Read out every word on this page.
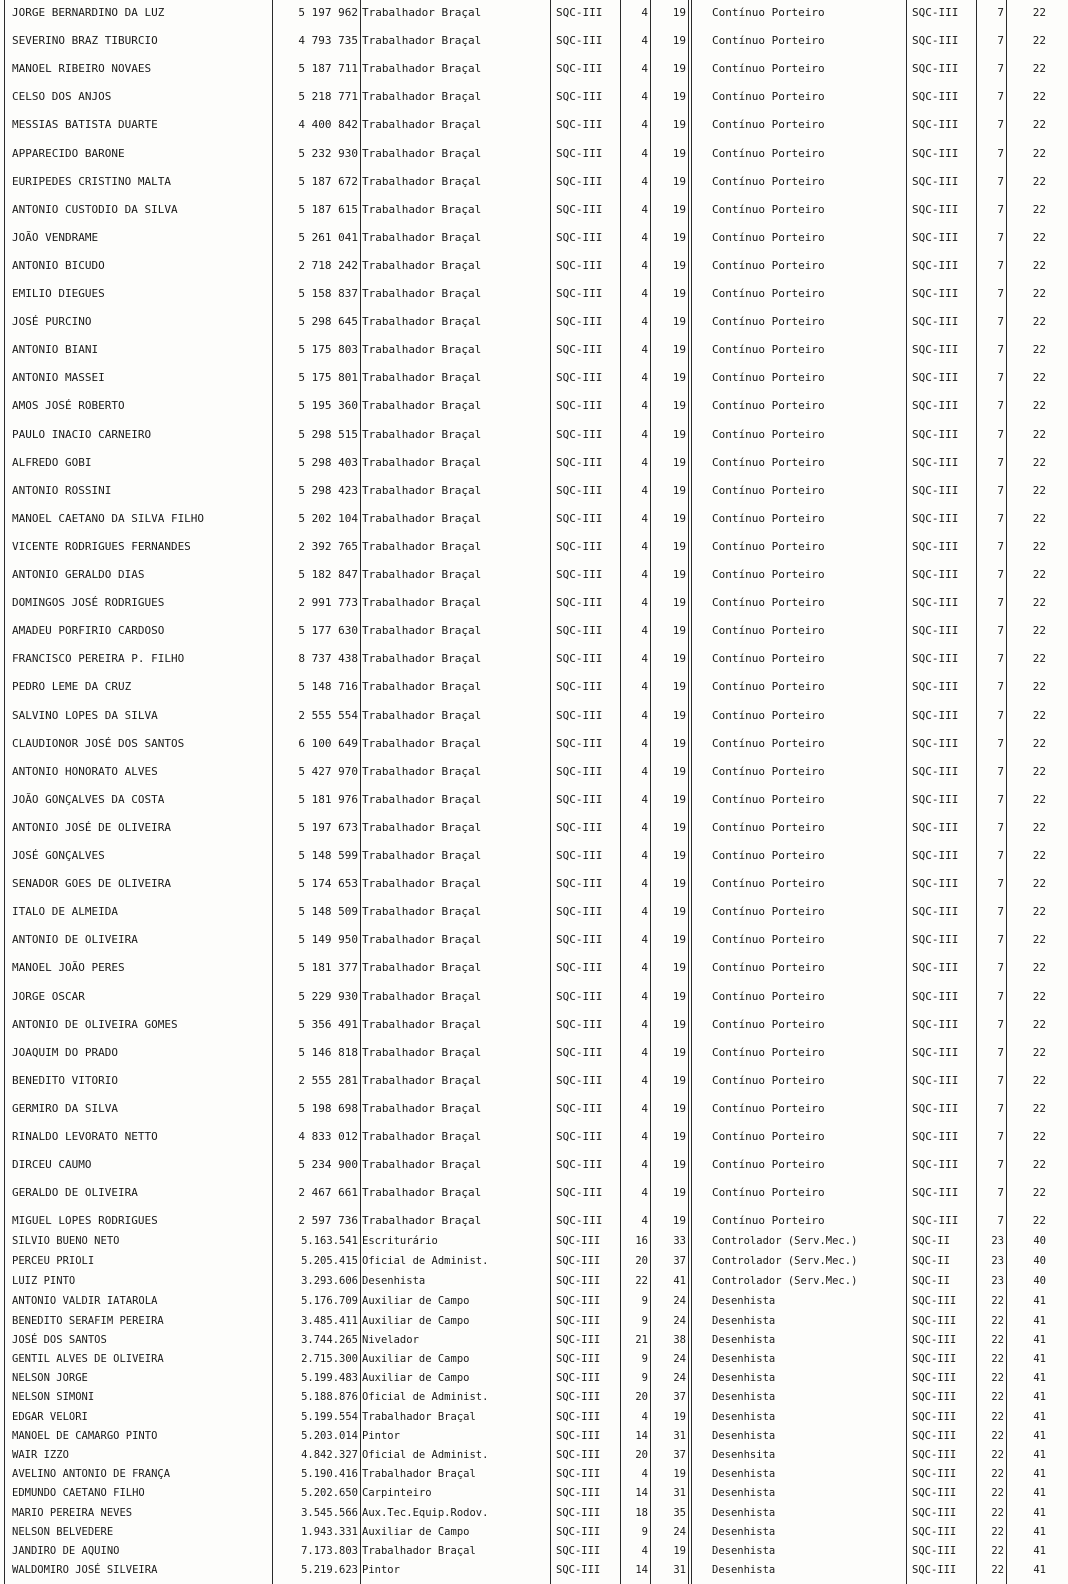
JORGE BERNARDINO DA LUZ	5 197 962 Trabalhador Braçal	SQC-III	4	19 Contínuo Porteiro	SQC-III	7	22
SEVERINO BRAZ TIBURCIO	4 793 735 Trabalhador Braçal	SQC-III	4	19 Contínuo Porteiro	SQC-III	7	22
MANOEL RIBEIRO NOVAES	5 187 711 Trabalhador Braçal	SQC-III	4	19 Contínuo Porteiro	SQC-III	7	22
CELSO DOS ANJOS	5 218 771 Trabalhador Braçal	SQC-III	4	19 Contínuo Porteiro	SQC-III	7	22
MESSIAS BATISTA DUARTE	4 400 842 Trabalhador Braçal	SQC-III	4	19 Contínuo Porteiro	SQC-III	7	22
APPARECIDO BARONE	5 232 930 Trabalhador Braçal	SQC-III	4	19 Contínuo Porteiro	SQC-III	7	22
EURIPEDES CRISTINO MALTA	5 187 672 Trabalhador Braçal	SQC-III	4	19 Contínuo Porteiro	SQC-III	7	22
ANTONIO CUSTODIO DA SILVA	5 187 615 Trabalhador Braçal	SQC-III	4	19 Contínuo Porteiro	SQC-III	7	22
JOÃO VENDRAME	5 261 041 Trabalhador Braçal	SQC-III	4	19 Contínuo Porteiro	SQC-III	7	22
ANTONIO BICUDO	2 718 242 Trabalhador Braçal	SQC-III	4	19 Contínuo Porteiro	SQC-III	7	22
EMILIO DIEGUES	5 158 837 Trabalhador Braçal	SQC-III	4	19 Contínuo Porteiro	SQC-III	7	22
JOSÉ PURCINO	5 298 645 Trabalhador Braçal	SQC-III	4	19 Contínuo Porteiro	SQC-III	7	22
ANTONIO BIANI	5 175 803 Trabalhador Braçal	SQC-III	4	19 Contínuo Porteiro	SQC-III	7	22
ANTONIO MASSEI	5 175 801 Trabalhador Braçal	SQC-III	4	19 Contínuo Porteiro	SQC-III	7	22
AMOS JOSÉ ROBERTO	5 195 360 Trabalhador Braçal	SQC-III	4	19 Contínuo Porteiro	SQC-III	7	22
PAULO INACIO CARNEIRO	5 298 515 Trabalhador Braçal	SQC-III	4	19 Contínuo Porteiro	SQC-III	7	22
ALFREDO GOBI	5 298 403 Trabalhador Braçal	SQC-III	4	19 Contínuo Porteiro	SQC-III	7	22
ANTONIO ROSSINI	5 298 423 Trabalhador Braçal	SQC-III	4	19 Contínuo Porteiro	SQC-III	7	22
MANOEL CAETANO DA SILVA FILHO	5 202 104 Trabalhador Braçal	SQC-III	4	19 Contínuo Porteiro	SQC-III	7	22
VICENTE RODRIGUES FERNANDES	2 392 765 Trabalhador Braçal	SQC-III	4	19 Contínuo Porteiro	SQC-III	7	22
ANTONIO GERALDO DIAS	5 182 847 Trabalhador Braçal	SQC-III	4	19 Contínuo Porteiro	SQC-III	7	22
DOMINGOS JOSÉ RODRIGUES	2 991 773 Trabalhador Braçal	SQC-III	4	19 Contínuo Porteiro	SQC-III	7	22
AMADEU PORFIRIO CARDOSO	5 177 630 Trabalhador Braçal	SQC-III	4	19 Contínuo Porteiro	SQC-III	7	22
FRANCISCO PEREIRA P. FILHO	8 737 438 Trabalhador Braçal	SQC-III	4	19 Contínuo Porteiro	SQC-III	7	22
PEDRO LEME DA CRUZ	5 148 716 Trabalhador Braçal	SQC-III	4	19 Contínuo Porteiro	SQC-III	7	22
SALVINO LOPES DA SILVA	2 555 554 Trabalhador Braçal	SQC-III	4	19 Contínuo Porteiro	SQC-III	7	22
CLAUDIONOR JOSÉ DOS SANTOS	6 100 649 Trabalhador Braçal	SQC-III	4	19 Contínuo Porteiro	SQC-III	7	22
ANTONIO HONORATO ALVES	5 427 970 Trabalhador Braçal	SQC-III	4	19 Contínuo Porteiro	SQC-III	7	22
JOÃO GONÇALVES DA COSTA	5 181 976 Trabalhador Braçal	SQC-III	4	19 Contínuo Porteiro	SQC-III	7	22
ANTONIO JOSÉ DE OLIVEIRA	5 197 673 Trabalhador Braçal	SQC-III	4	19 Contínuo Porteiro	SQC-III	7	22
JOSÉ GONÇALVES	5 148 599 Trabalhador Braçal	SQC-III	4	19 Contínuo Porteiro	SQC-III	7	22
SENADOR GOES DE OLIVEIRA	5 174 653 Trabalhador Braçal	SQC-III	4	19 Contínuo Porteiro	SQC-III	7	22
ITALO DE ALMEIDA	5 148 509 Trabalhador Braçal	SQC-III	4	19 Contínuo Porteiro	SQC-III	7	22
ANTONIO DE OLIVEIRA	5 149 950 Trabalhador Braçal	SQC-III	4	19 Contínuo Porteiro	SQC-III	7	22
MANOEL JOÃO PERES	5 181 377 Trabalhador Braçal	SQC-III	4	19 Contínuo Porteiro	SQC-III	7	22
JORGE OSCAR	5 229 930 Trabalhador Braçal	SQC-III	4	19 Contínuo Porteiro	SQC-III	7	22
ANTONIO DE OLIVEIRA GOMES	5 356 491 Trabalhador Braçal	SQC-III	4	19 Contínuo Porteiro	SQC-III	7	22
JOAQUIM DO PRADO	5 146 818 Trabalhador Braçal	SQC-III	4	19 Contínuo Porteiro	SQC-III	7	22
BENEDITO VITORIO	2 555 281 Trabalhador Braçal	SQC-III	4	19 Contínuo Porteiro	SQC-III	7	22
GERMIRO DA SILVA	5 198 698 Trabalhador Braçal	SQC-III	4	19 Contínuo Porteiro	SQC-III	7	22
RINALDO LEVORATO NETTO	4 833 012 Trabalhador Braçal	SQC-III	4	19 Contínuo Porteiro	SQC-III	7	22
DIRCEU CAUMO	5 234 900 Trabalhador Braçal	SQC-III	4	19 Contínuo Porteiro	SQC-III	7	22
GERALDO DE OLIVEIRA	2 467 661 Trabalhador Braçal	SQC-III	4	19 Contínuo Porteiro	SQC-III	7	22
MIGUEL LOPES RODRIGUES	2 597 736 Trabalhador Braçal	SQC-III	4	19 Contínuo Porteiro	SQC-III	7	22
SILVIO BUENO NETO	5.163.541 Escriturário	SQC-III	16	33 Controlador (Serv.Mec.)	SQC-II	23	40
PERCEU PRIOLI	5.205.415 Oficial de Administ.	SQC-III	20	37 Controlador (Serv.Mec.)	SQC-II	23	40
LUIZ PINTO	3.293.606 Desenhista	SQC-III	22	41 Controlador (Serv.Mec.)	SQC-II	23	40
ANTONIO VALDIR IATAROLA	5.176.709 Auxiliar de Campo	SQC-III	9	24 Desenhista	SQC-III	22	41
BENEDITO SERAFIM PEREIRA	3.485.411 Auxiliar de Campo	SQC-III	9	24 Desenhista	SQC-III	22	41
JOSÉ DOS SANTOS	3.744.265 Nivelador	SQC-III	21	38 Desenhista	SQC-III	22	41
GENTIL ALVES DE OLIVEIRA	2.715.300 Auxiliar de Campo	SQC-III	9	24 Desenhista	SQC-III	22	41
NELSON JORGE	5.199.483 Auxiliar de Campo	SQC-III	9	24 Desenhista	SQC-III	22	41
NELSON SIMONI	5.188.876 Oficial de Administ.	SQC-III	20	37 Desenhista	SQC-III	22	41
EDGAR VELORI	5.199.554 Trabalhador Braçal	SQC-III	4	19 Desenhista	SQC-III	22	41
MANOEL DE CAMARGO PINTO	5.203.014 Pintor	SQC-III	14	31 Desenhista	SQC-III	22	41
WAIR IZZO	4.842.327 Oficial de Administ.	SQC-III	20	37 Desenhsita	SQC-III	22	41
AVELINO ANTONIO DE FRANÇA	5.190.416 Trabalhador Braçal	SQC-III	4	19 Desenhista	SQC-III	22	41
EDMUNDO CAETANO FILHO	5.202.650 Carpinteiro	SQC-III	14	31 Desenhista	SQC-III	22	41
MARIO PEREIRA NEVES	3.545.566 Aux.Tec.Equip.Rodov.	SQC-III	18	35 Desenhista	SQC-III	22	41
NELSON BELVEDERE	1.943.331 Auxiliar de Campo	SQC-III	9	24 Desenhista	SQC-III	22	41
JANDIRO DE AQUINO	7.173.803 Trabalhador Braçal	SQC-III	4	19 Desenhista	SQC-III	22	41
WALDOMIRO JOSÉ SILVEIRA	5.219.623 Pintor	SQC-III	14	31 Desenhista	SQC-III	22	41
